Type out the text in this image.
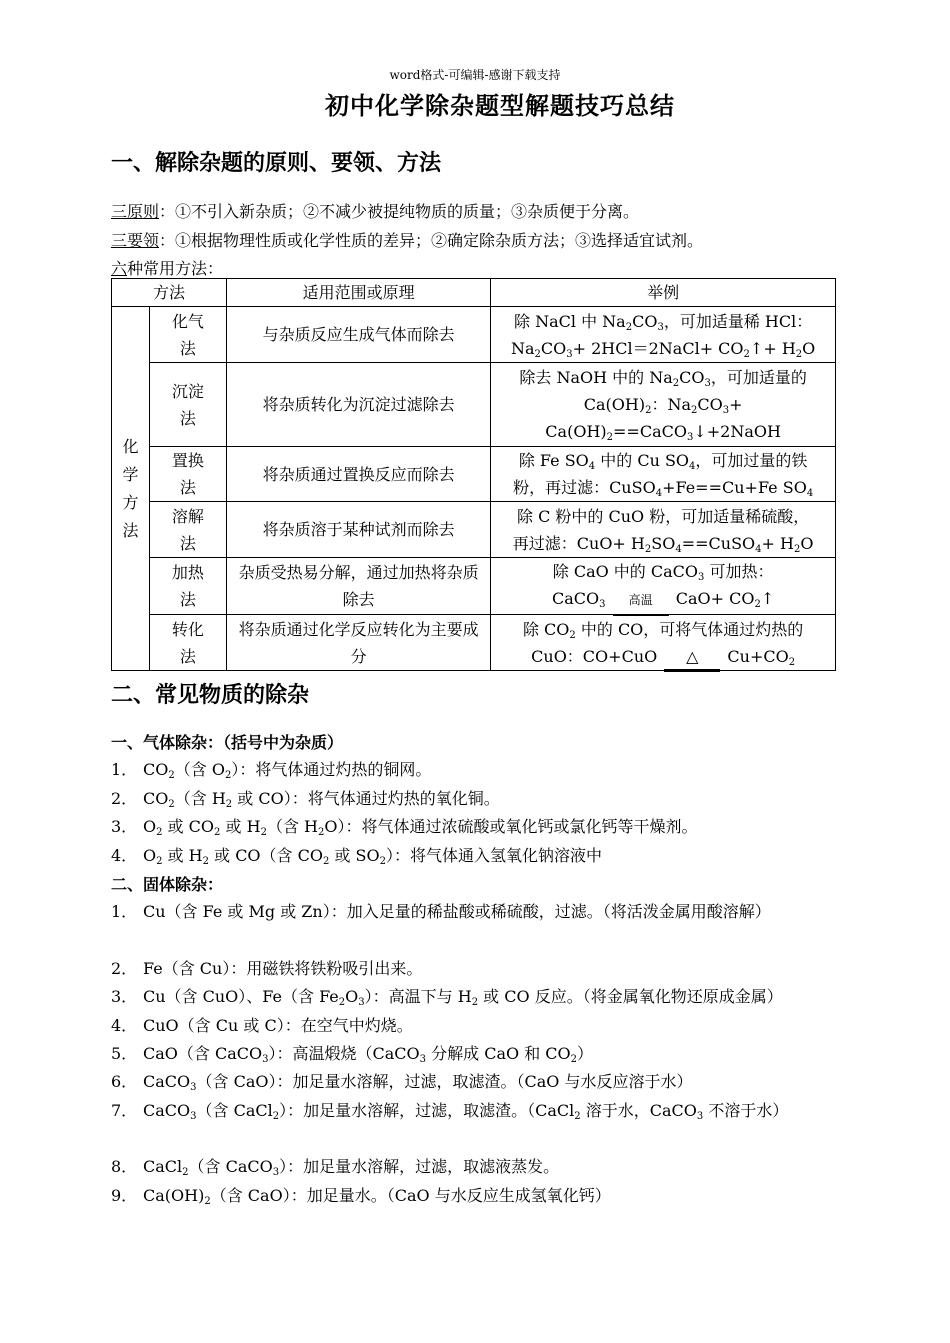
word格式-可编辑-感谢下载支持
初中化学除杂题型解题技巧总结
一、解除杂题的原则、要领、方法
三原则：①不引入新杂质；②不减少被提纯物质的质量；③杂质便于分离。
三要领：①根据物理性质或化学性质的差异；②确定除杂质方法；③选择适宜试剂。
六种常用方法：
方法		适用范围或原理	举例
化学方法	化气法	与杂质反应生成气体而除去	除 NaCl 中 $Na_2CO_3$，可加适量稀 HCl：
$Na_2CO_3+$ 2HCl＝2NaCl+ $CO_2↑+ H_2O$
	沉淀法	将杂质转化为沉淀过滤除去	除去 NaOH 中的 $Na_2CO_3$，可加适量的
$Ca(OH)_2$：$Na_2CO_3+$
$Ca(OH)_2==CaCO_3↓+2NaOH$
	置换法	将杂质通过置换反应而除去	除 Fe $SO_4$ 中的 Cu $SO_4$，可加过量的铁
粉，再过滤：CuSO$_4$+Fe==Cu+Fe $SO_4$
	溶解法	将杂质溶于某种试剂而除去	除 C 粉中的 CuO 粉，可加适量稀硫酸，
再过滤：$CuO+ H_2SO_4==CuSO_4+ H_2O$
	加热法	杂质受热易分解，通过加热将杂质除去	除 CaO 中的 CaCO$_3$ 可加热：
CaCO$_3$ 高温
$CaO+ CO_2↑$
	转化法	将杂质通过化学反应转化为主要成分	除 $CO_2$ 中的 CO，可将气体通过灼热的
CuO：CO+CuO △
$Cu+CO_2$
二、常见物质的除杂
一、气体除杂：（括号中为杂质）
1． $CO_2$（含 $O_2$）：将气体通过灼热的铜网。
2． $CO_2$（含 $H_2$ 或 CO）：将气体通过灼热的氧化铜。
3． $O_2$ 或 $CO_2$ 或 $H_2$（含 $H_2O$）：将气体通过浓硫酸或氧化钙或氯化钙等干燥剂。
4． $O_2$ 或 $H_2$ 或 CO（含 $CO_2$ 或 $SO_2$）：将气体通入氢氧化钠溶液中
二、固体除杂：
1． Cu（含 Fe 或 Mg 或 Zn）：加入足量的稀盐酸或稀硫酸，过滤。（将活泼金属用酸溶解）
2． Fe（含 Cu）：用磁铁将铁粉吸引出来。
3． Cu（含 CuO）、Fe（含 $Fe_2O_3$）：高温下与 $H_2$ 或 CO 反应。（将金属氧化物还原成金属）
4． CuO（含 Cu 或 C）：在空气中灼烧。
5． CaO（含 CaCO$_3$）：高温煅烧（CaCO$_3$ 分解成 CaO 和 $CO_2$）
6． CaCO$_3$（含 CaO）：加足量水溶解，过滤，取滤渣。（CaO 与水反应溶于水）
7． CaCO$_3$（含 CaCl$_2$）：加足量水溶解，过滤，取滤渣。（CaCl$_2$ 溶于水，CaCO$_3$ 不溶于水）
8． CaCl$_2$（含 CaCO$_3$）：加足量水溶解，过滤，取滤液蒸发。
9． $Ca(OH)_2$（含 CaO）：加足量水。（CaO 与水反应生成氢氧化钙）
